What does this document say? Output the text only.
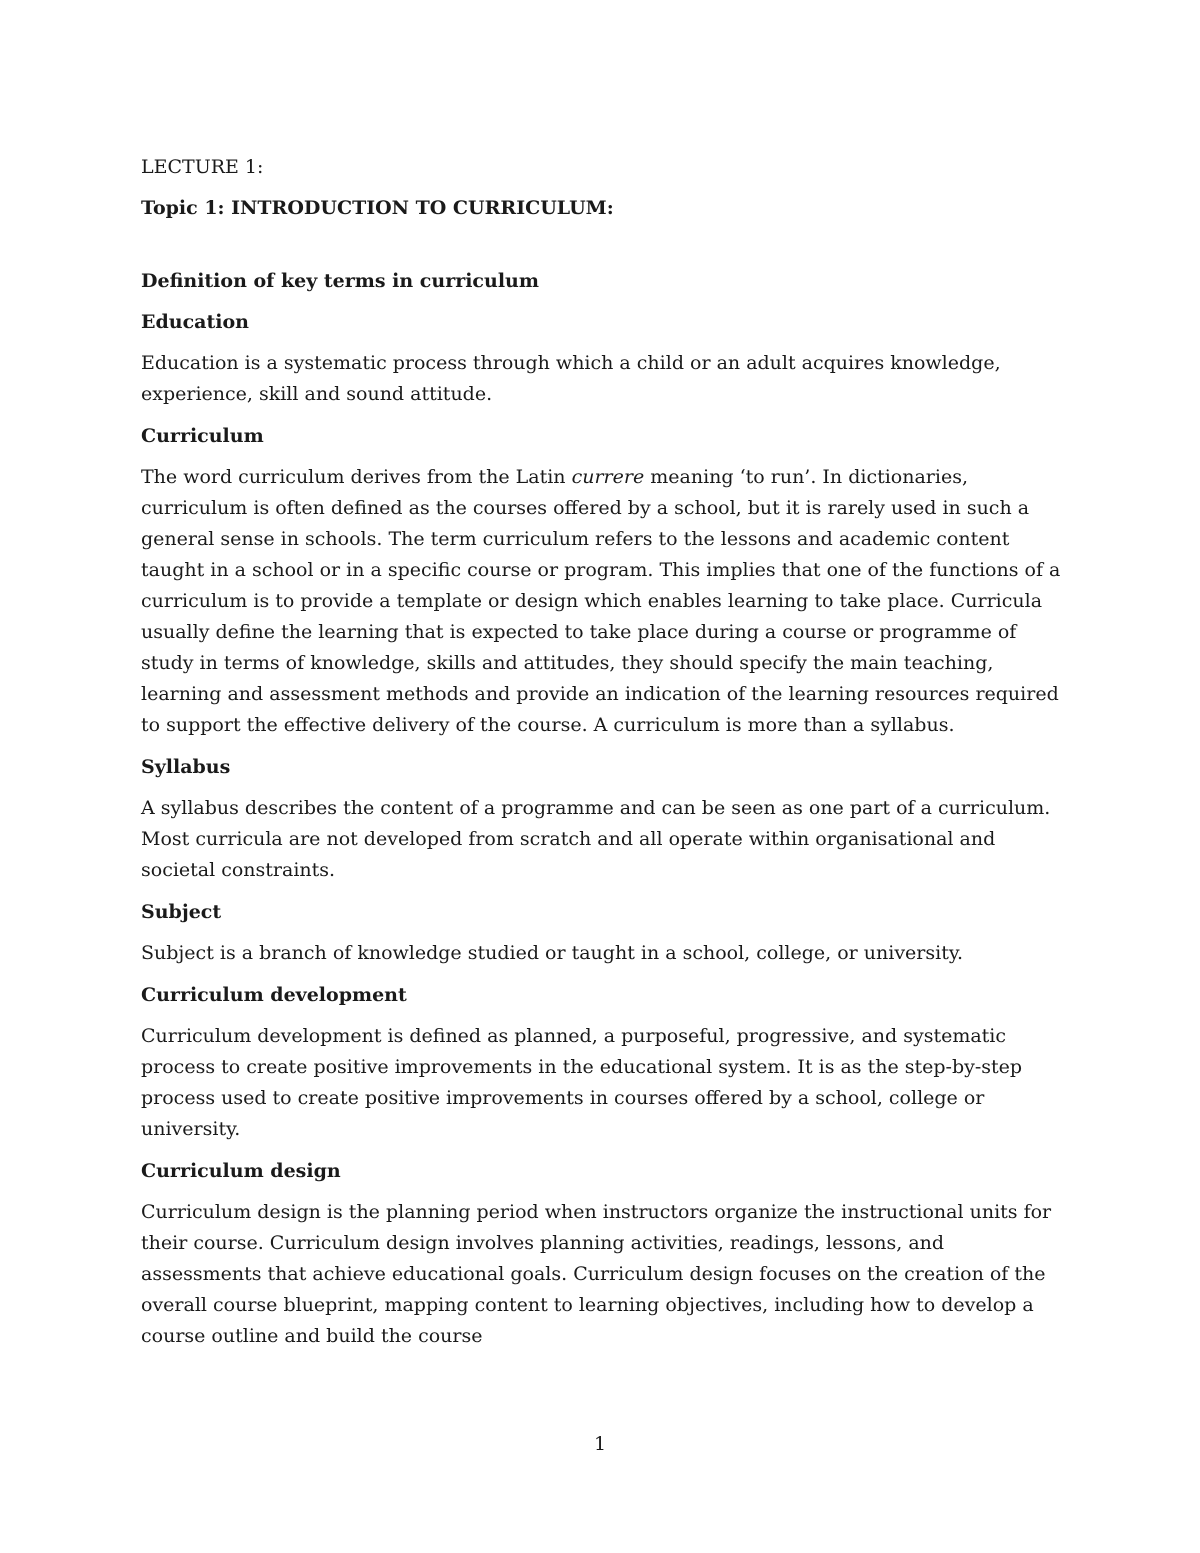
LECTURE 1:

Topic 1: INTRODUCTION TO CURRICULUM:

Definition of key terms in curriculum

Education

Education is a systematic process through which a child or an adult acquires knowledge, experience, skill and sound attitude.

Curriculum

The word curriculum derives from the Latin currere meaning ‘to run’. In dictionaries, curriculum is often defined as the courses offered by a school, but it is rarely used in such a general sense in schools. The term curriculum refers to the lessons and academic content taught in a school or in a specific course or program. This implies that one of the functions of a curriculum is to provide a template or design which enables learning to take place. Curricula usually define the learning that is expected to take place during a course or programme of study in terms of knowledge, skills and attitudes, they should specify the main teaching, learning and assessment methods and provide an indication of the learning resources required to support the effective delivery of the course. A curriculum is more than a syllabus.

Syllabus

A syllabus describes the content of a programme and can be seen as one part of a curriculum. Most curricula are not developed from scratch and all operate within organisational and societal constraints.

Subject

Subject is a branch of knowledge studied or taught in a school, college, or university.

Curriculum development

Curriculum development is defined as planned, a purposeful, progressive, and systematic process to create positive improvements in the educational system. It is as the step-by-step process used to create positive improvements in courses offered by a school, college or university.

Curriculum design

Curriculum design is the planning period when instructors organize the instructional units for their course. Curriculum design involves planning activities, readings, lessons, and assessments that achieve educational goals. Curriculum design focuses on the creation of the overall course blueprint, mapping content to learning objectives, including how to develop a course outline and build the course

1
